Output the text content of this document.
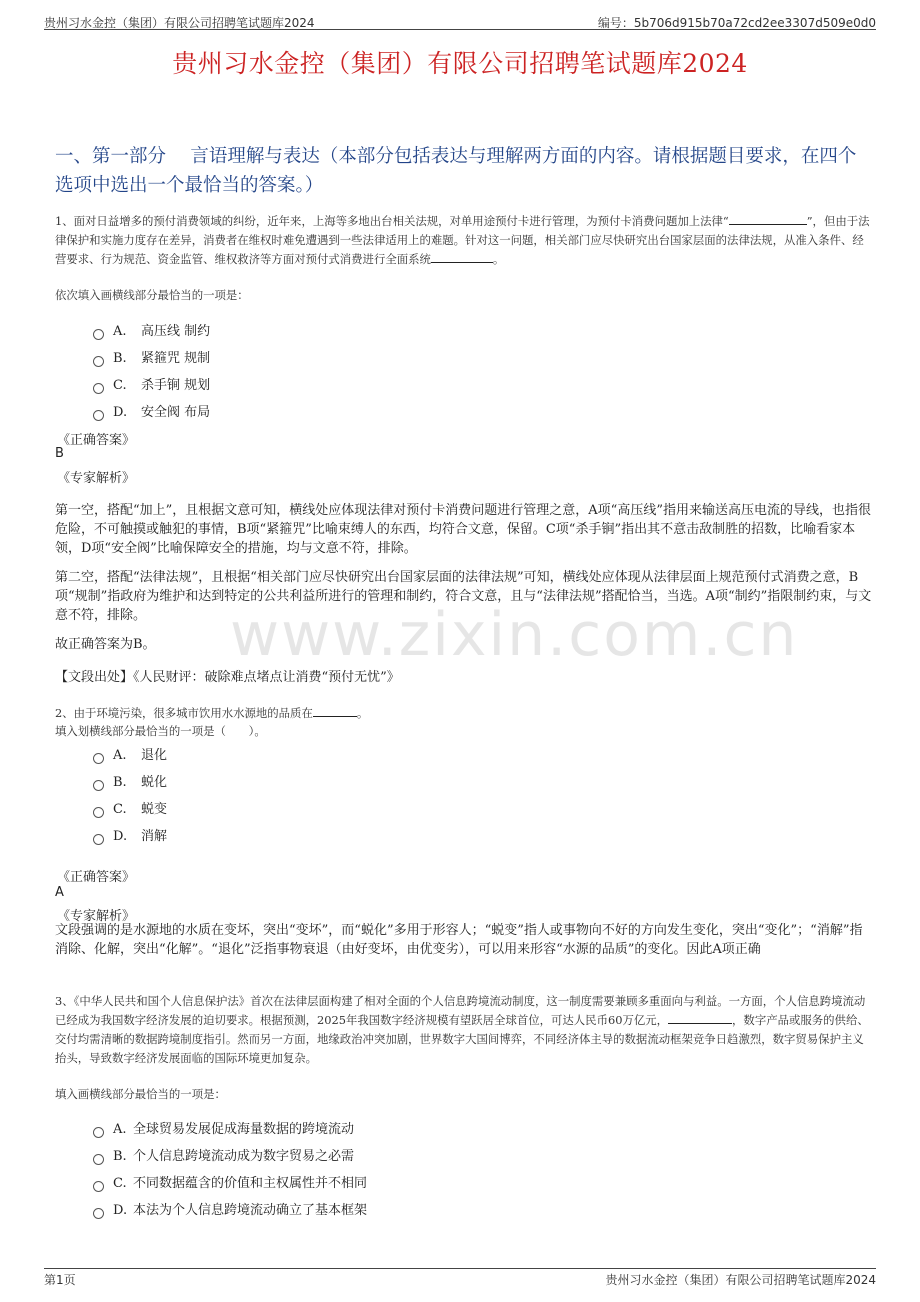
贵州习水金控（集团）有限公司招聘笔试题库2024	编号：5b706d915b70a72cd2ee3307d509e0d0
www.zixin.com.cn
贵州习水金控（集团）有限公司招聘笔试题库2024
一、第一部分　 言语理解与表达（本部分包括表达与理解两方面的内容。请根据题目要求，在四个选项中选出一个最恰当的答案。）
1、面对日益增多的预付消费领域的纠纷，近年来，上海等多地出台相关法规，对单用途预付卡进行管理，为预付卡消费问题加上法律“	”，但由于法律保护和实施力度存在差异，消费者在维权时难免遭遇到一些法律适用上的难题。针对这一问题，相关部门应尽快研究出台国家层面的法律法规，从准入条件、经营要求、行为规范、资金监管、维权救济等方面对预付式消费进行全面系统	。
依次填入画横线部分最恰当的一项是：
A. 高压线 制约
B. 紧箍咒 规制
C. 杀手锏 规划
D. 安全阀 布局
《正确答案》
B
《专家解析》
第一空，搭配“加上”，且根据文意可知，横线处应体现法律对预付卡消费问题进行管理之意，A项“高压线”指用来输送高压电流的导线，也指很危险，不可触摸或触犯的事情，B项“紧箍咒”比喻束缚人的东西，均符合文意，保留。C项“杀手锏”指出其不意击敌制胜的招数，比喻看家本领，D项“安全阀”比喻保障安全的措施，均与文意不符，排除。
第二空，搭配“法律法规”，且根据“相关部门应尽快研究出台国家层面的法律法规”可知，横线处应体现从法律层面上规范预付式消费之意，B项“规制”指政府为维护和达到特定的公共利益所进行的管理和制约，符合文意，且与“法律法规”搭配恰当，当选。A项“制约”指限制约束，与文意不符，排除。
故正确答案为B。
【文段出处】《人民财评：破除难点堵点让消费“预付无忧”》
2、由于环境污染，很多城市饮用水水源地的品质在	。
填入划横线部分最恰当的一项是（　　）。
A. 退化
B. 蜕化
C. 蜕变
D. 消解
《正确答案》
A
《专家解析》
文段强调的是水源地的水质在变坏，突出“变坏”，而“蜕化”多用于形容人；“蜕变”指人或事物向不好的方向发生变化，突出“变化”；“消解”指消除、化解，突出“化解”。“退化”泛指事物衰退（由好变坏，由优变劣），可以用来形容“水源的品质”的变化。因此A项正确
3、《中华人民共和国个人信息保护法》首次在法律层面构建了相对全面的个人信息跨境流动制度，这一制度需要兼顾多重面向与利益。一方面，个人信息跨境流动已经成为我国数字经济发展的迫切要求。根据预测，2025年我国数字经济规模有望跃居全球首位，可达人民币60万亿元，	，数字产品或服务的供给、交付均需清晰的数据跨境制度指引。然而另一方面，地缘政治冲突加剧，世界数字大国间博弈，不同经济体主导的数据流动框架竞争日趋激烈，数字贸易保护主义抬头，导致数字经济发展面临的国际环境更加复杂。
填入画横线部分最恰当的一项是：
A. 全球贸易发展促成海量数据的跨境流动
B. 个人信息跨境流动成为数字贸易之必需
C. 不同数据蕴含的价值和主权属性并不相同
D. 本法为个人信息跨境流动确立了基本框架
第1页	贵州习水金控（集团）有限公司招聘笔试题库2024
